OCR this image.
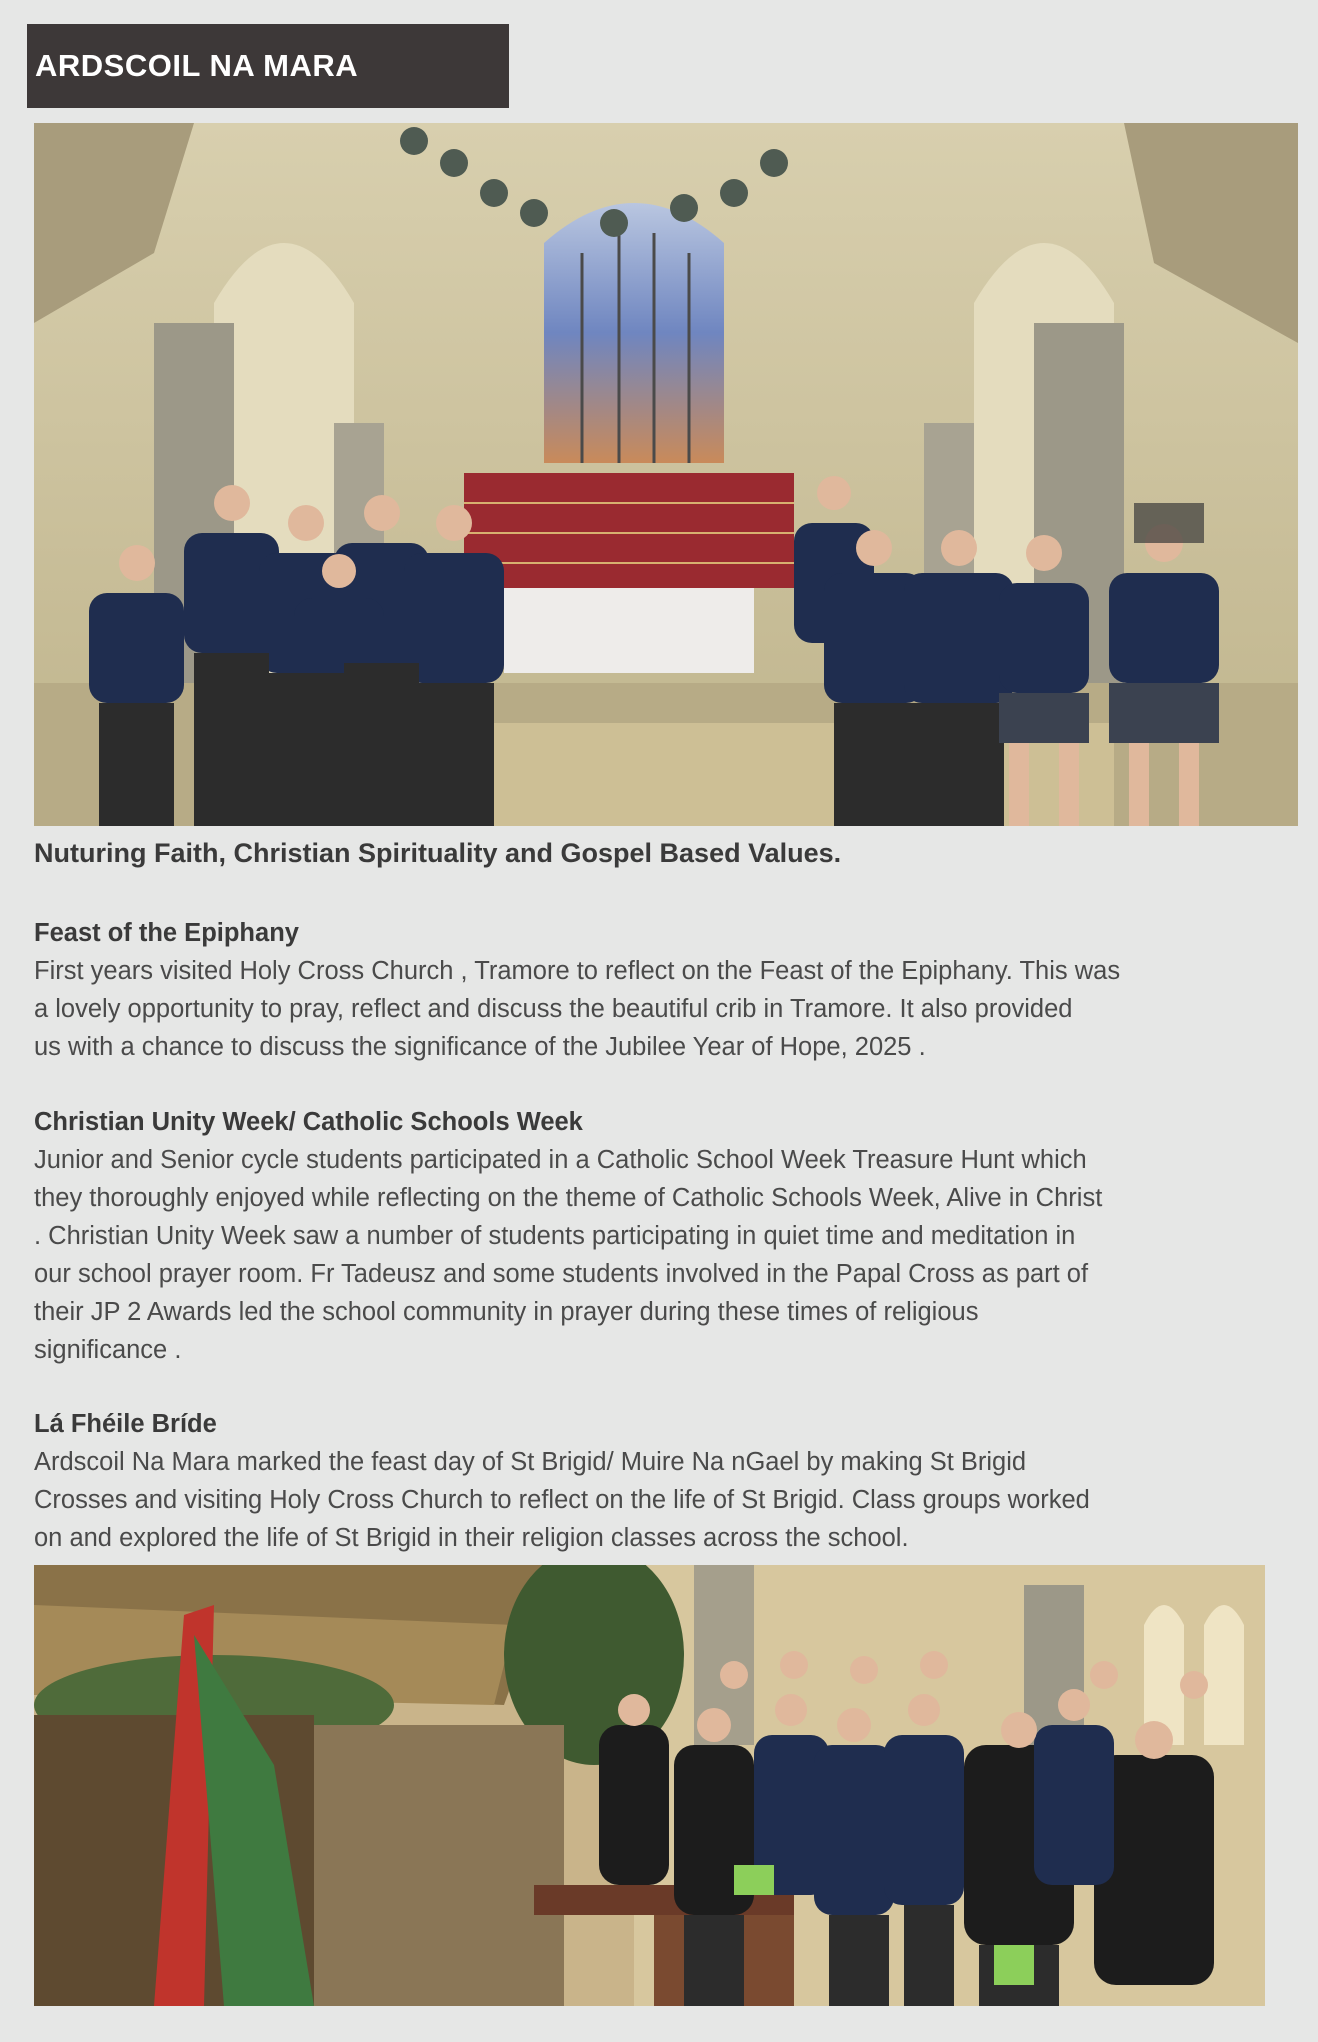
ARDSCOIL NA MARA
Nuturing Faith, Christian Spirituality and Gospel Based Values.
Feast of the Epiphany
First years visited Holy Cross Church , Tramore to reflect on the Feast of the Epiphany. This was
a lovely opportunity to pray, reflect and discuss the beautiful crib in Tramore. It also provided
us with a chance to discuss the significance of the Jubilee Year of Hope, 2025 .
Christian Unity Week/ Catholic Schools Week
Junior and Senior cycle students participated in a Catholic School Week Treasure Hunt which
they thoroughly enjoyed while reflecting on the theme of Catholic Schools Week, Alive in Christ
. Christian Unity Week saw a number of students participating in quiet time and meditation in
our school prayer room. Fr Tadeusz and some students involved in the Papal Cross as part of
their JP 2 Awards led the school community in prayer during these times of religious
significance .
Lá Fhéile Bríde
Ardscoil Na Mara marked the feast day of St Brigid/ Muire Na nGael by making St Brigid
Crosses and visiting Holy Cross Church to reflect on the life of St Brigid. Class groups worked
on and explored the life of St Brigid in their religion classes across the school.
